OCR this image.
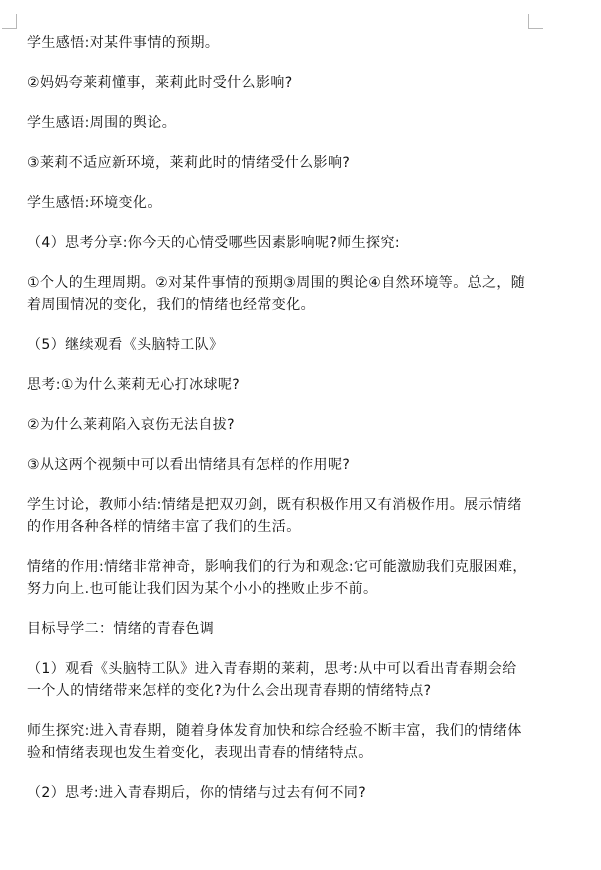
学生感悟:对某件事情的预期。

②妈妈夸莱莉懂事，莱莉此时受什么影响?

学生感语:周围的舆论。

③莱莉不适应新环境，莱莉此时的情绪受什么影响?

学生感悟:环境变化。

（4）思考分享:你今天的心情受哪些因素影响呢?师生探究:

①个人的生理周期。②对某件事情的预期③周围的舆论④自然环境等。总之，随着周围情况的变化，我们的情绪也经常变化。

（5）继续观看《头脑特工队》

思考:①为什么莱莉无心打冰球呢?

②为什么莱莉陷入哀伤无法自拔?

③从这两个视频中可以看出情绪具有怎样的作用呢?

学生讨论，教师小结:情绪是把双刃剑，既有积极作用又有消极作用。展示情绪的作用各种各样的情绪丰富了我们的生活。

情绪的作用:情绪非常神奇，影响我们的行为和观念:它可能激励我们克服困难，努力向上.也可能让我们因为某个小小的挫败止步不前。

目标导学二：情绪的青春色调

（1）观看《头脑特工队》进入青春期的莱莉，思考:从中可以看出青春期会给一个人的情绪带来怎样的变化?为什么会出现青春期的情绪特点?

师生探究:进入青春期，随着身体发育加快和综合经验不断丰富，我们的情绪体验和情绪表现也发生着变化，表现出青春的情绪特点。

（2）思考:进入青春期后，你的情绪与过去有何不同?
